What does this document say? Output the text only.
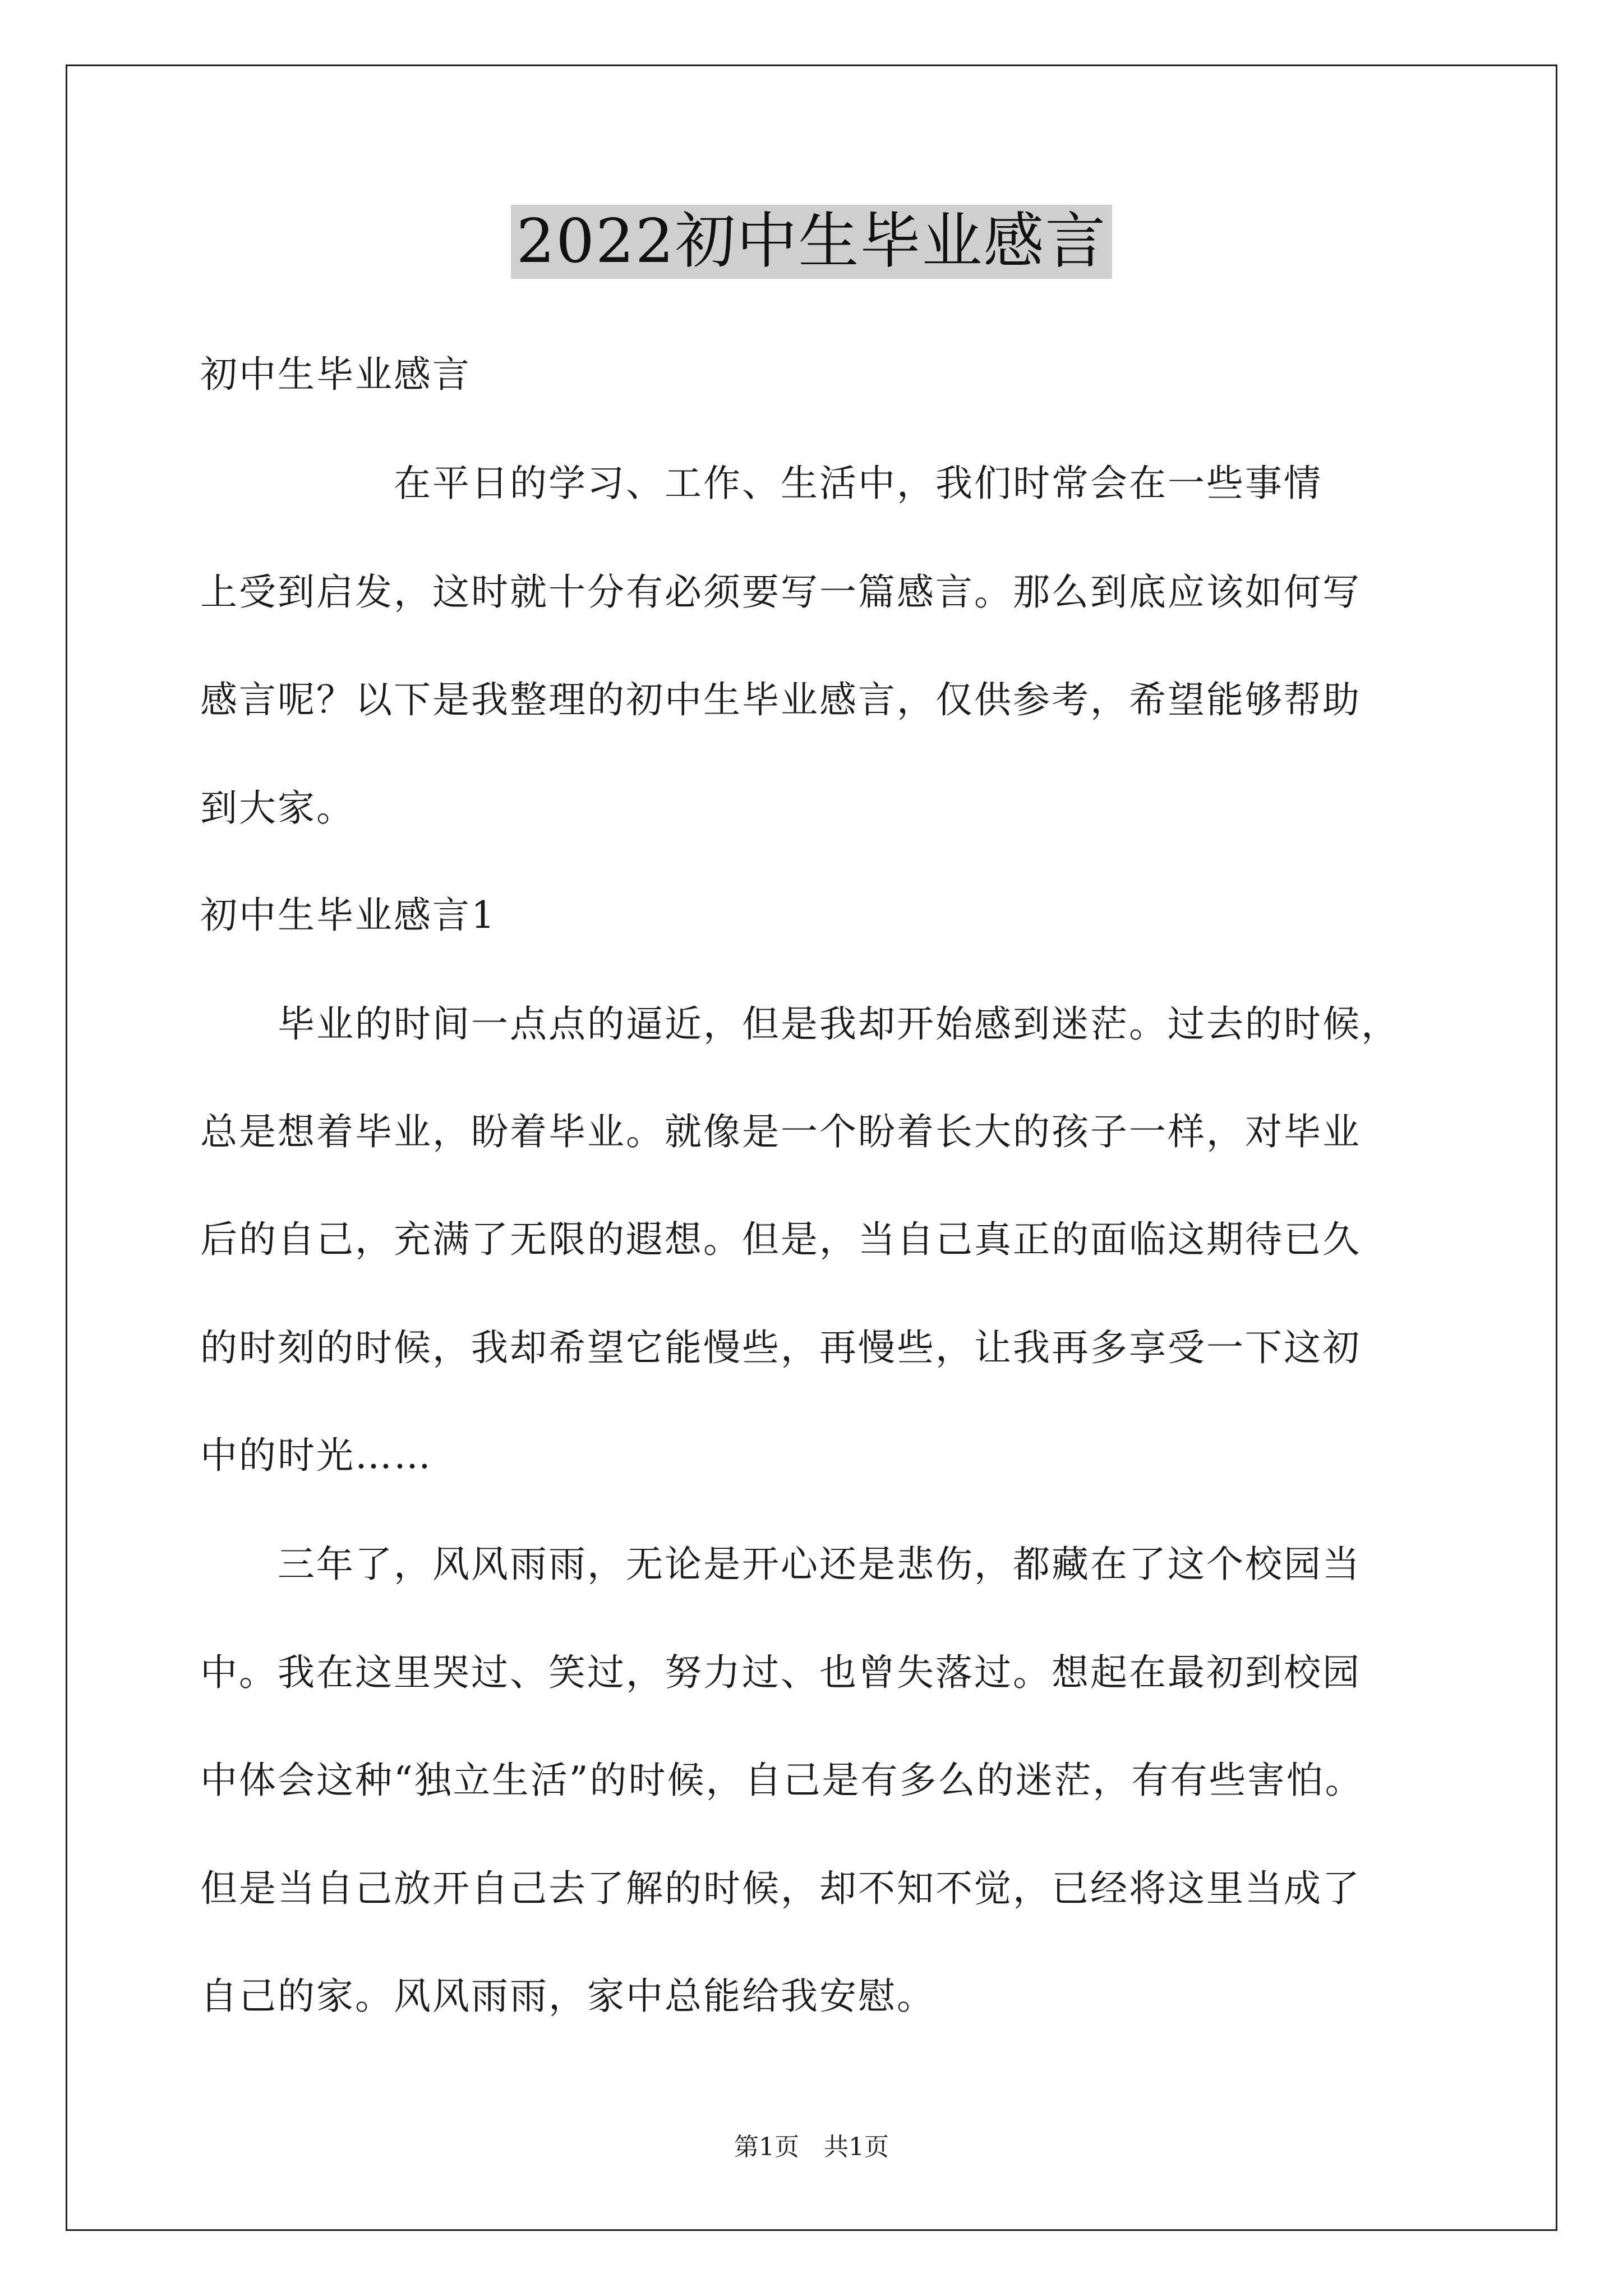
2022初中生毕业感言
初中生毕业感言
　　　　　在平日的学习、工作、生活中，我们时常会在一些事情
上受到启发，这时就十分有必须要写一篇感言。那么到底应该如何写
感言呢？以下是我整理的初中生毕业感言，仅供参考，希望能够帮助
到大家。
初中生毕业感言1
　　毕业的时间一点点的逼近，但是我却开始感到迷茫。过去的时候，
总是想着毕业，盼着毕业。就像是一个盼着长大的孩子一样，对毕业
后的自己，充满了无限的遐想。但是，当自己真正的面临这期待已久
的时刻的时候，我却希望它能慢些，再慢些，让我再多享受一下这初
中的时光……
　　三年了，风风雨雨，无论是开心还是悲伤，都藏在了这个校园当
中。我在这里哭过、笑过，努力过、也曾失落过。想起在最初到校园
中体会这种“独立生活”的时候，自己是有多么的迷茫，有有些害怕。
但是当自己放开自己去了解的时候，却不知不觉，已经将这里当成了
自己的家。风风雨雨，家中总能给我安慰。
第1页　共1页
